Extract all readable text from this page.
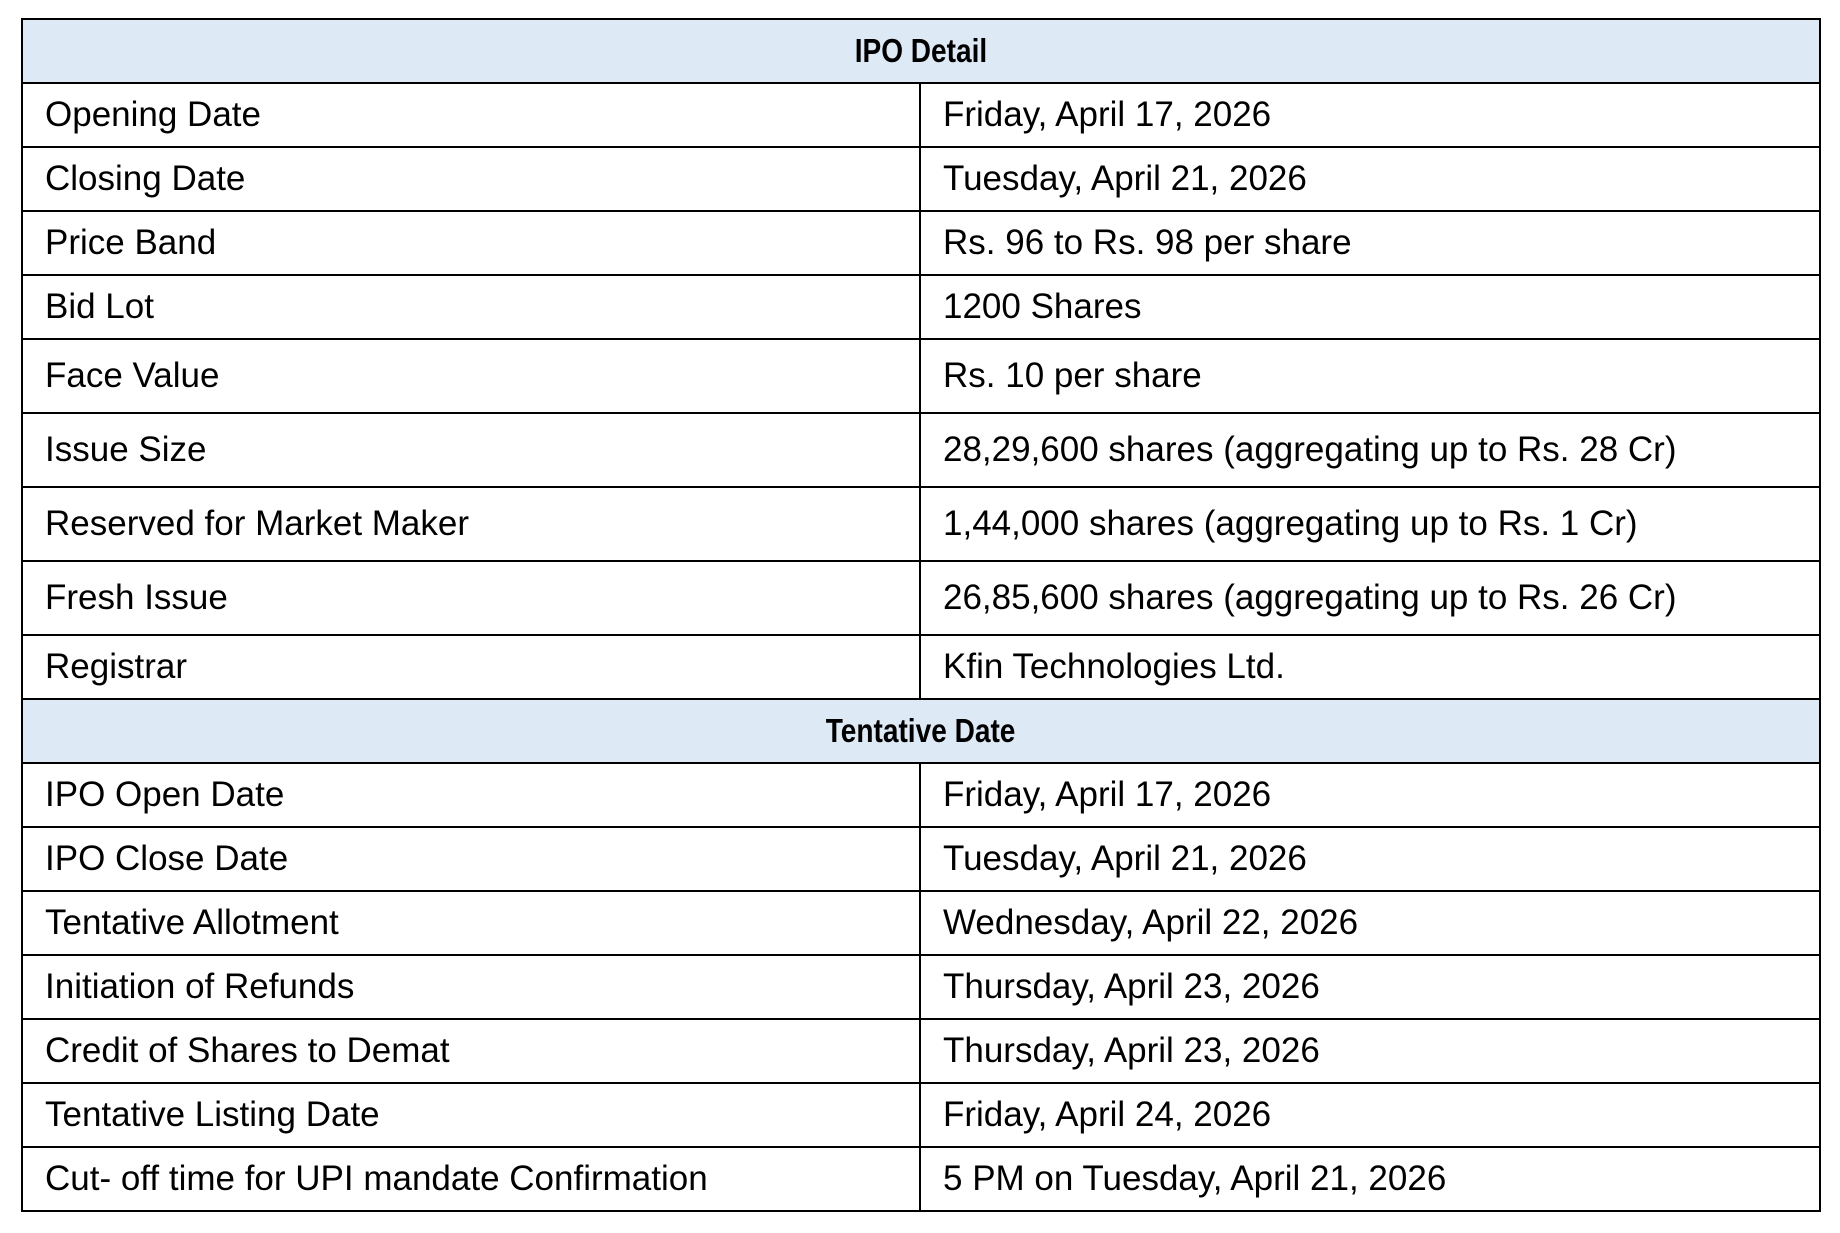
IPO Detail	
Opening Date	Friday, April 17, 2026
Closing Date	Tuesday, April 21, 2026
Price Band	Rs. 96 to Rs. 98 per share
Bid Lot	1200 Shares
Face Value	Rs. 10 per share
Issue Size	28,29,600 shares (aggregating up to Rs. 28 Cr)
Reserved for Market Maker	1,44,000 shares (aggregating up to Rs. 1 Cr)
Fresh Issue	26,85,600 shares (aggregating up to Rs. 26 Cr)
Registrar	Kfin Technologies Ltd.
Tentative Date	
IPO Open Date	Friday, April 17, 2026
IPO Close Date	Tuesday, April 21, 2026
Tentative Allotment	Wednesday, April 22, 2026
Initiation of Refunds	Thursday, April 23, 2026
Credit of Shares to Demat	Thursday, April 23, 2026
Tentative Listing Date	Friday, April 24, 2026
Cut- off time for UPI mandate Confirmation	5 PM on Tuesday, April 21, 2026
